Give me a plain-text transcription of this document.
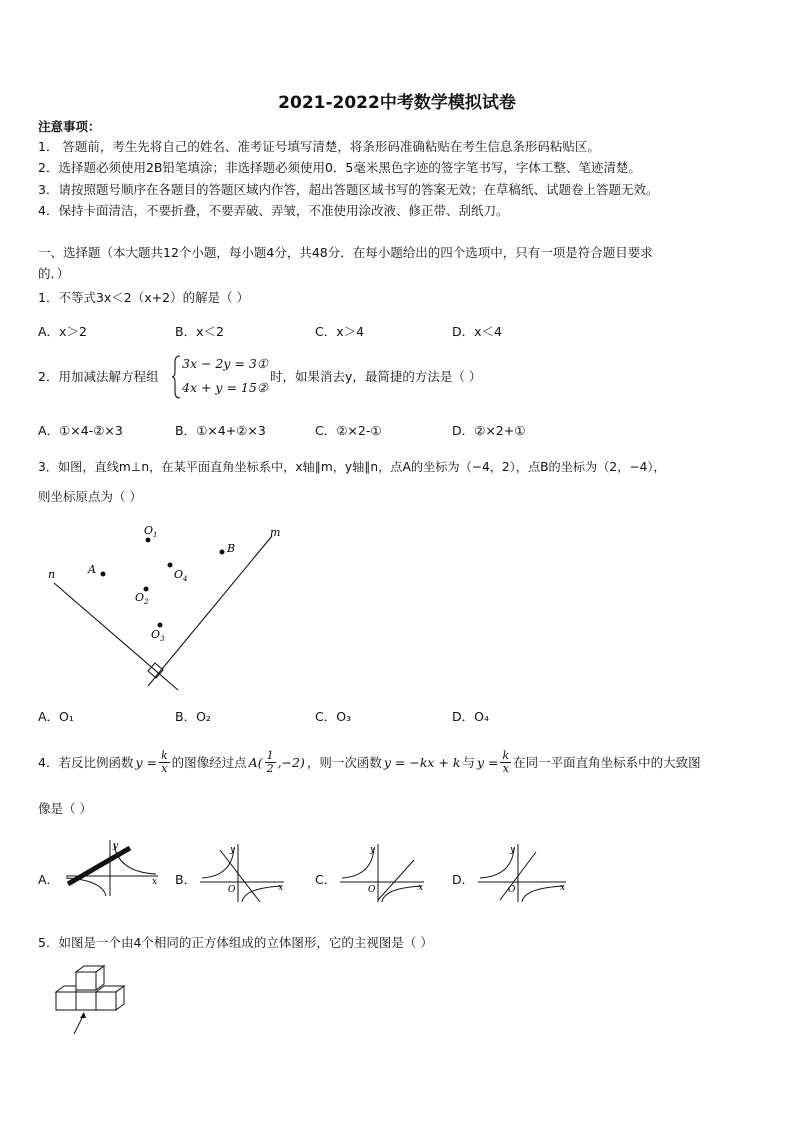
2021-2022中考数学模拟试卷
注意事项：
1． 答题前，考生先将自己的姓名、准考证号填写清楚，将条形码准确粘贴在考生信息条形码粘贴区。
2．选择题必须使用2B铅笔填涂；非选择题必须使用0．5毫米黑色字迹的签字笔书写，字体工整、笔迹清楚。
3．请按照题号顺序在各题目的答题区域内作答，超出答题区域书写的答案无效；在草稿纸、试题卷上答题无效。
4．保持卡面清洁，不要折叠，不要弄破、弄皱，不准使用涂改液、修正带、刮纸刀。
一、选择题（本大题共12个小题，每小题4分，共48分．在每小题给出的四个选项中，只有一项是符合题目要求
的．）
1．不等式3x＜2（x+2）的解是（ ）
A．x＞2	B．x＜2	C．x＞4	D．x＜4
2．用加减法解方程组
3x − 2y = 3①
4x + y = 15②
时，如果消去y，最简捷的方法是（ ）
A．①×4-②×3	B．①×4+②×3	C．②×2-①	D．②×2+①
3．如图，直线m⊥n，在某平面直角坐标系中，x轴∥m，y轴∥n，点A的坐标为（−4，2），点B的坐标为（2，−4），
则坐标原点为（ ）
n
m
$O_1$
B
A	$O_4$
$O_2$
$O_3$
A．O₁	B．O₂	C．O₃	D．O₄
4．若反比例函数 $y = \frac{k}{x}$ 的图像经过点 $A( \frac{1}{2} ,-2)$ ，则一次函数 y = −kx + k 与 $y = \frac{k}{x}$ 在同一平面直角坐标系中的大致图
像是（ ）
A．	x
y
B．
x
y
O
C．
x
y
O
D．
x
y
O
5．如图是一个由4个相同的正方体组成的立体图形，它的主视图是（ ）
